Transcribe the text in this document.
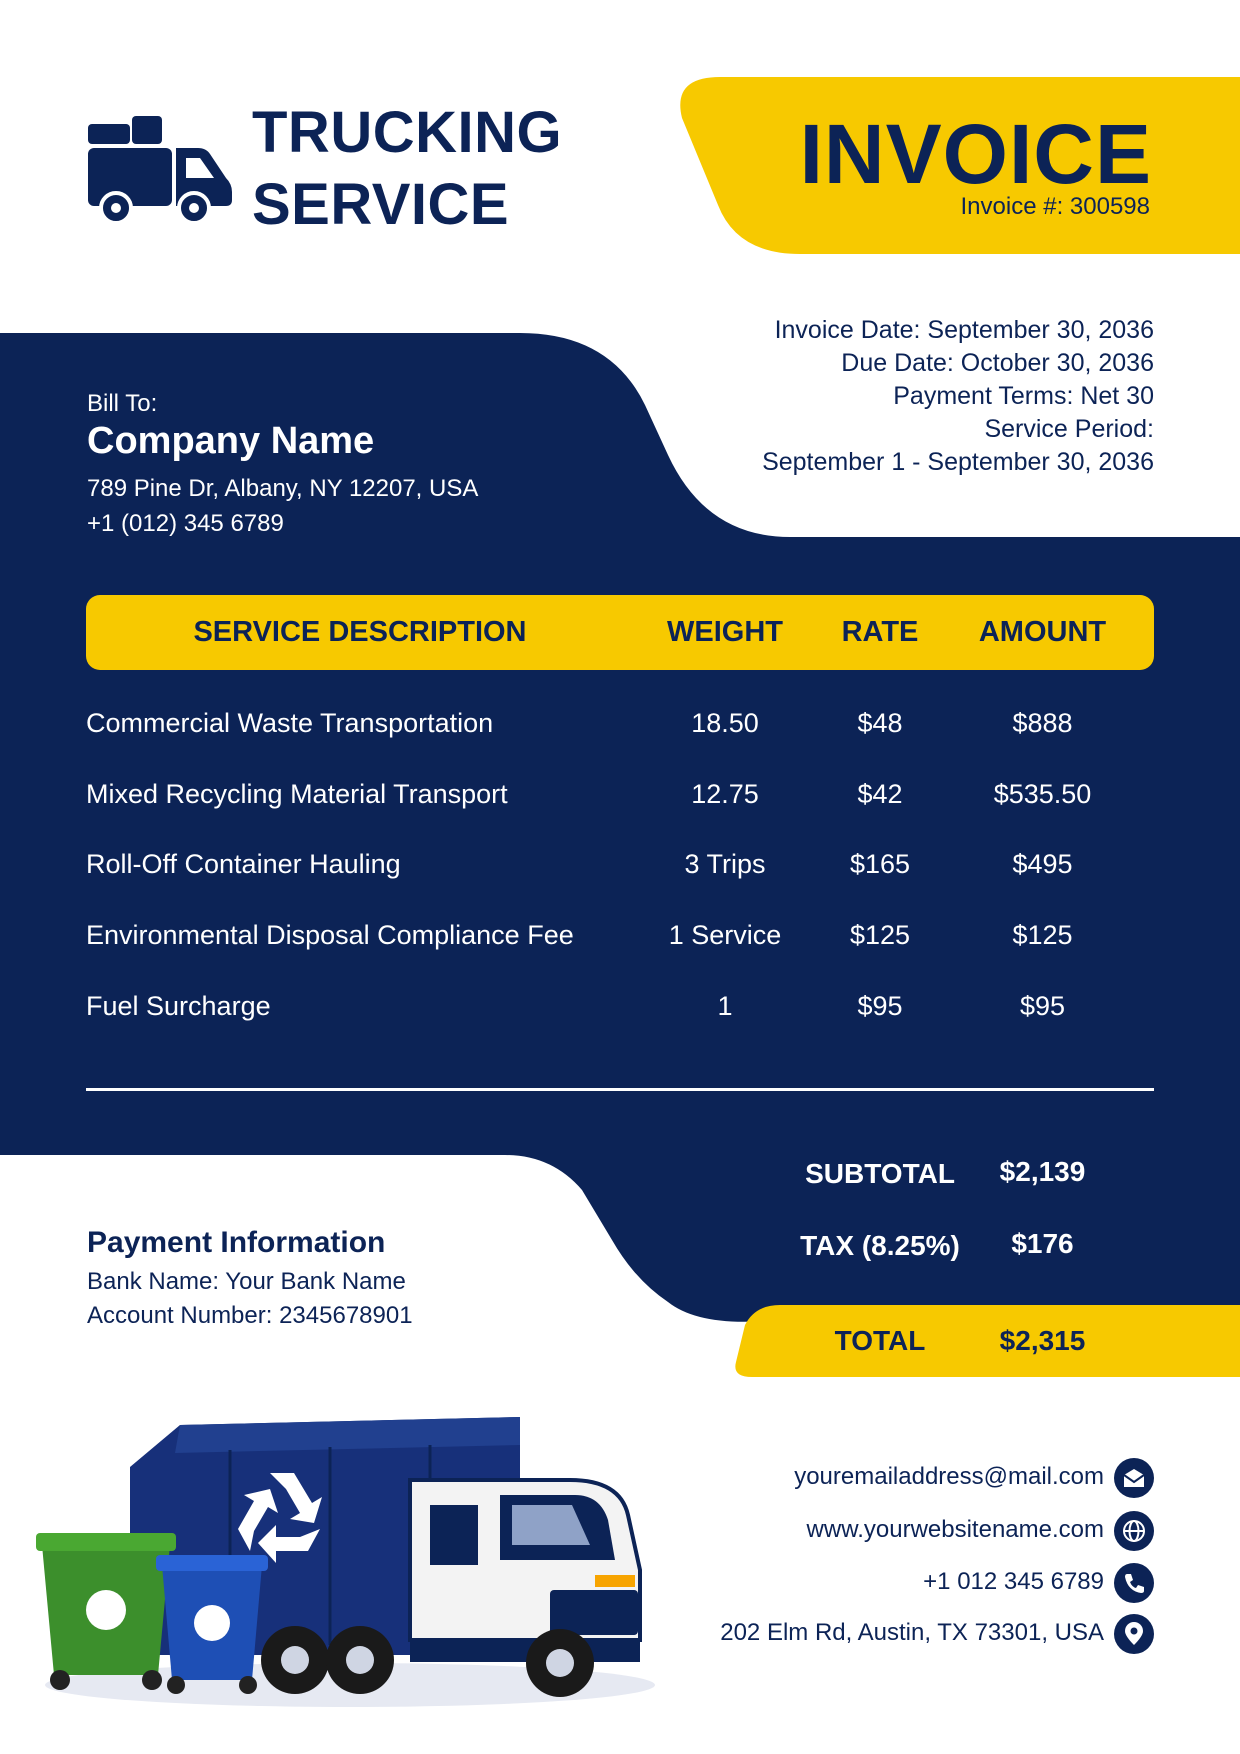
TRUCKING
SERVICE
INVOICE
Invoice #: 300598
Invoice Date: September 30, 2036
Due Date: October 30, 2036
Payment Terms: Net 30
Service Period:
September 1 - September 30, 2036
Bill To:
Company Name
789 Pine Dr, Albany, NY 12207, USA
+1 (012) 345 6789
SERVICE DESCRIPTION	WEIGHT	RATE	AMOUNT
Commercial Waste Transportation	18.50	$48	$888
Mixed Recycling Material Transport	12.75	$42	$535.50
Roll-Off Container Hauling	3 Trips	$165	$495
Environmental Disposal Compliance Fee	1 Service	$125	$125
Fuel Surcharge	1	$95	$95
SUBTOTAL	$2,139
TAX (8.25%)	$176
TOTAL	$2,315
Payment Information
Bank Name: Your Bank Name
Account Number: 2345678901
youremailaddress@mail.com
www.yourwebsitename.com
+1 012 345 6789
202 Elm Rd, Austin, TX 73301, USA
